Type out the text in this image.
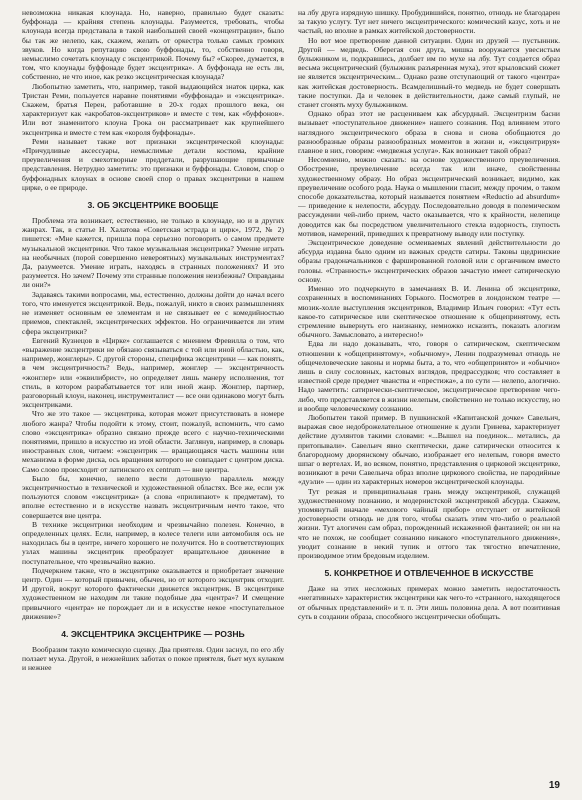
невозможна никакая клоунада. Но, наверно, правильно будет сказать: буффонада — крайняя степень клоунады. Разумеется, требовать, чтобы клоунада всегда представала в такой наибольшей своей «концентрации», было бы так же нелепо, как, скажем, желать от оркестра только самых громких звуков. Но когда репутацию свою буффонады, то, собственно говоря, немыслимо сочетать клоунаду с эксцентрикой. Почему бы? «Скорее, думается, в том, что клоунады буффонаде будет эксцентрика». А буффонада не есть ли, собственно, не что иное, как резко эксцентрическая клоунада?

Любопытно заметить, что, например, такой выдающийся знаток цирка, как Тристан Реми, пользуется наравне понятиями «буффонада» и «эксцентрика». Скажем, братья Перен, работавшие в 20-х годах прошлого века, он характеризует как «акробатов-эксцентриков» и вместе с тем, как «буффонов». Или вот знаменитого клоуна Грока он рассматривает как крупнейшего эксцентрика и вместе с тем как «короля буффонады».

Реми называет также вот признаки эксцентрической клоунады: «Причудливые аксессуары, немыслимые детали костюма, крайние преувеличения и смехотворные преддетали, разрушающие привычные представления. Нетрудно заметить: это признаки и буффонады. Словом, спор о буффонадных клоунах в основе своей спор о правах эксцентрики в нашем цирке, о ее природе.

3. ОБ ЭКСЦЕНТРИКЕ ВООБЩЕ

Проблема эта возникает, естественно, не только в клоунаде, но и в других жанрах. Так, в статье Н. Халатова «Советская эстрада и цирк», 1972, № 2) пишется: «Мне кажется, пришла пора серьезно поговорить о самом предмете музыкальной эксцентрики. Что такое музыкальная эксцентрика? Умение играть на необычных (порой совершенно невероятных) музыкальных инструментах? Да, разумеется. Умение играть, находясь в странных положениях? И это разумеется. Но зачем? Почему эти странные положения неизбежны? Оправданы ли они?»

Задаваясь такими вопросами, мы, естественно, должны дойти до начал всего того, что именуется эксцентрикой. Ведь, пожалуй, никто в своих размышлениях не изменяет основным ее элементам и не связывает ее с комедийностью приемов, спектаклей, эксцентрических эффектов. Но ограничивается ли этим сфера эксцентрики?

Евгений Кузнецов в «Цирке» соглашается с мнением Фревилла о том, что «выражение эксцентрики не обязано связываться с той или иной областью, как, например, жонглеры». С другой стороны, специфика эксцентрики — как понять, в чем эксцентричность? Ведь, например, жонглер — эксцентричность «жонглер» или «эквилибрист», но определяет лишь манеру исполнения, тот стиль, в котором разрабатывается тот или иной жанр. Жонглер, партнер, разговорный клоун, наконец, инструменталист — все они одинаково могут быть эксцентриками.

Что же это такое — эксцентрика, которая может присутствовать в номере любого жанра? Чтобы подойти к этому, стоит, пожалуй, вспомнить, что само слово «эксцентрика» образно связано прежде всего с научно-техническими понятиями, пришло в искусство из этой области. Заглянув, например, в словарь иностранных слов, читаем: «эксцентрик — вращающаяся часть машины или механизма в форме диска, ось вращения которого не совпадает с центром диска. Само слово происходит от латинского ex centrum — вне центра.

Было бы, конечно, нелепо вести дотошную параллель между эксцентричностью в технической и художественной областях. Все же, если уж пользуются словом «эксцентрика» (а слова «прилипают» к предметам), то вполне естественно и в искусстве назвать эксцентричным нечто такое, что совершается вне центра.

В технике эксцентрики необходим и чрезвычайно полезен. Конечно, в определенных целях. Если, например, в колесе телеги или автомобиля ось не находилась бы в центре, ничего хорошего не получится. Но в соответствующих узлах машины эксцентрик преобразует вращательное движение в поступательное, что чрезвычайно важно.

Подчеркнем также, что в эксцентрике оказывается и приобретает значение центр. Один — который привычен, обычен, но от которого эксцентрик отходит. И другой, вокруг которого фактически движется эксцентрик. В эксцентрике художественном не находим ли такие подобные два «центра»? И смещение привычного «центра» не порождает ли и в искусстве некое «поступательное движение»?

4. ЭКСЦЕНТРИКА ЭКСЦЕНТРИКЕ — РОЗНЬ

Вообразим такую комическую сценку. Два приятеля. Один заснул, по его лбу ползает муха. Другой, в нежнейших заботах о покое приятеля, бьет мух кулаком и нежнее

на лбу друга изрядную шишку. Пробудившийся, понятно, отнюдь не благодарен за такую услугу. Тут нет ничего эксцентрического: комический казус, хоть и не частый, но вполне в рамках житейской достоверности.

Но вот мое претворение данной ситуации. Один из друзей — пустынник. Другой — медведь. Оберегая сон друга, мишка вооружается увесистым булыжником и, подкравшись, долбает им по мухе на лбу. Тут создается образ весьма эксцентрический (булыжник разъяренная муха), этот крыловский сюжет не является эксцентрическим... Однако разве отступающий от такого «центра» как житейская достоверность. Всамделишный-то медведь не будет совершать такие поступки. Да и человек в действительности, даже самый глупый, не станет сгонять муху булыжником.

Однако образ этот не расцениваем как абсурдный. Эксцентризм басни вызывает «поступательное движение» нашего сознания. Под влиянием этого наглядного эксцентрического образа в снова и снова обобщаются до разнообразные образы разнообразных моментов в жизни и, «эксцентрируя» главное в них, говорим: «медвежья услуга». Как возникает такой образ?

Несомненно, можно сказать: на основе художественного преувеличения. Обострение, преувеличение всегда так или иначе, свойственны художественному образу. Но образ эксцентрический возникает, видимо, как преувеличение особого рода. Наука о мышлении гласит, между прочим, о таком способе доказательства, который называется понятием «Reductio ad absurdum» — приведение к нелепости, абсурду. Последовательно доводя в полемическом рассуждении чей-либо прием, часто оказывается, что к крайности, нелепице доводится как бы посредством увеличительного стекла вздорность, глупость мотивов, намерений, приведших к превратному выводу или поступку.

Эксцентрическое доведение осмеиваемых явлений действительности до абсурда издавна было одним из важных средств сатиры. Таковы щедринские образы градоначальников с фаршированной головой или с органчиком вместо головы. «Странность» эксцентрических образов зачастую имеет сатирическую основу.

Именно это подчеркнуто в замечаниях В. И. Ленина об эксцентрике, сохраненных в воспоминаниях Горького. Посмотрев в лондонском театре — мюзик-холле выступления эксцентриков, Владимир Ильич говорил: «Тут есть какое-то сатирическое или скептическое отношение к общепринятому, есть стремление вывернуть его наизнанку, немножко исказить, показать алогизм обычного. Замысловато, а интересно!»

Едва ли надо доказывать, что, говоря о сатирическом, скептическом отношении к «общепринятому», «обычному», Ленин подразумевал отнюдь не общечеловеческие законы и нормы быта, а то, что «общепринято» и «обычно» лишь в силу сословных, кастовых взглядов, предрассудков; что составляет в известной среде предмет чванства и «престижа», а по сути — нелепо, алогично. Надо заметить: сатирически-скептическое, эксцентрическое претворение чего-либо, что представляется в жизни нелепым, свойственно не только искусству, но и вообще человеческому сознанию.

Любопытен такой пример. В пушкинской «Капитанской дочке» Савельич, выражая свое недоброжелательное отношение к дуэли Гринева, характеризует действие дуэлянтов такими словами: «...Вышел на поединок... метались, да притопывали». Савельич явно скептически, даже сатирически относится к благородному дворянскому обычаю, изображает его нелепым, говоря вместо шпаг о вертелах. И, во всяком, понятно, представления о цирковой эксцентрике, возникают в речи Савельича образ вполне циркового свойства, не пародийные «дуэли» — один из характерных номеров эксцентрической клоунады.

Тут резкая и принципиальная грань между эксцентрикой, служащей художественному познанию, и модернистской эксцентрикой абсурда. Скажем, упомянутый вначале «мехового чайный прибор» отступает от житейской достоверности отнюдь не для того, чтобы сказать этим что-либо о реальной жизни. Тут алогичен сам образ, порожденный искаженной фантазией; он ни на что не похож, не сообщает сознанию никакого «поступательного движения», уводит сознание в некий тупик и оттого так тягостно впечатление, производимое этим бредовым изделием.

5. КОНКРЕТНОЕ И ОТВЛЕЧЕННОЕ В ИСКУССТВЕ

Даже на этих несложных примерах можно заметить недостаточность «негативных» характеристик эксцентрики как чего-то «странного, находящегося от обычных представлений» и т. п. Эти лишь половина дела. А вот позитивная суть в создании образа, способного эксцентрически обобщать.

19
